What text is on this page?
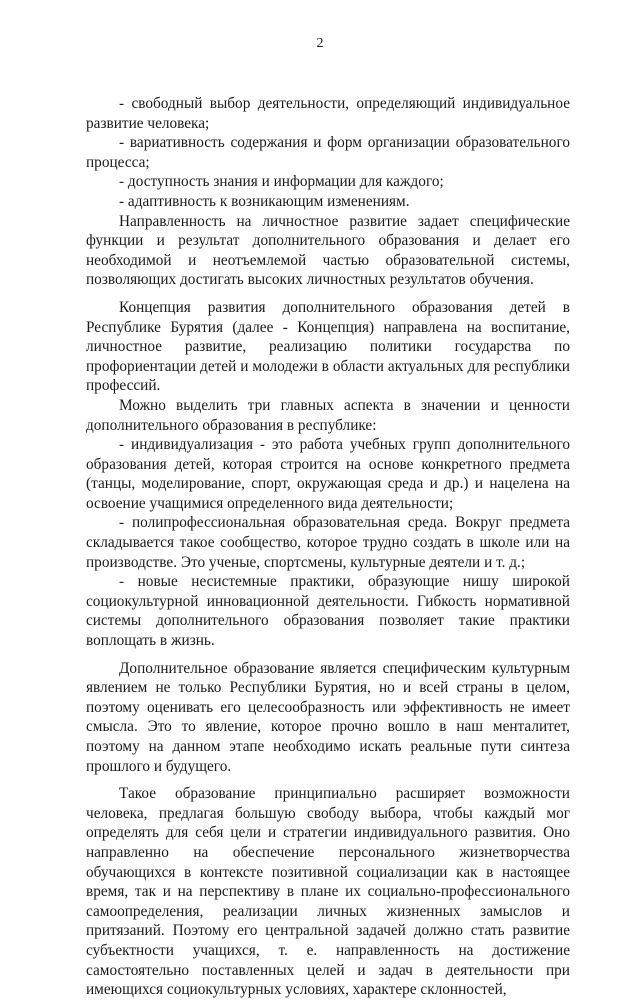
2

- свободный выбор деятельности, определяющий индивидуальное развитие человека;

- вариативность содержания и форм организации образовательного процесса;

- доступность знания и информации для каждого;

- адаптивность к возникающим изменениям.

Направленность на личностное развитие задает специфические функции и результат дополнительного образования и делает его необходимой и неотъемлемой частью образовательной системы, позволяющих достигать высоких личностных результатов обучения.

Концепция развития дополнительного образования детей в Республике Бурятия (далее - Концепция) направлена на воспитание, личностное развитие, реализацию политики государства по профориентации детей и молодежи в области актуальных для республики профессий.

Можно выделить три главных аспекта в значении и ценности дополнительного образования в республике:

- индивидуализация - это работа учебных групп дополнительного образования детей, которая строится на основе конкретного предмета (танцы, моделирование, спорт, окружающая среда и др.) и нацелена на освоение учащимися определенного вида деятельности;

- полипрофессиональная образовательная среда. Вокруг предмета складывается такое сообщество, которое трудно создать в школе или на производстве. Это ученые, спортсмены, культурные деятели и т. д.;

- новые несистемные практики, образующие нишу широкой социокультурной инновационной деятельности. Гибкость нормативной системы дополнительного образования позволяет такие практики воплощать в жизнь.

Дополнительное образование является специфическим культурным явлением не только Республики Бурятия, но и всей страны в целом, поэтому оценивать его целесообразность или эффективность не имеет смысла. Это то явление, которое прочно вошло в наш менталитет, поэтому на данном этапе необходимо искать реальные пути синтеза прошлого и будущего.

Такое образование принципиально расширяет возможности человека, предлагая большую свободу выбора, чтобы каждый мог определять для себя цели и стратегии индивидуального развития. Оно направленно на обеспечение персонального жизнетворчества обучающихся в контексте позитивной социализации как в настоящее время, так и на перспективу в плане их социально-профессионального самоопределения, реализации личных жизненных замыслов и притязаний. Поэтому его центральной задачей должно стать развитие субъектности учащихся, т. е. направленность на достижение самостоятельно поставленных целей и задач в деятельности при имеющихся социокультурных условиях, характере склонностей,
